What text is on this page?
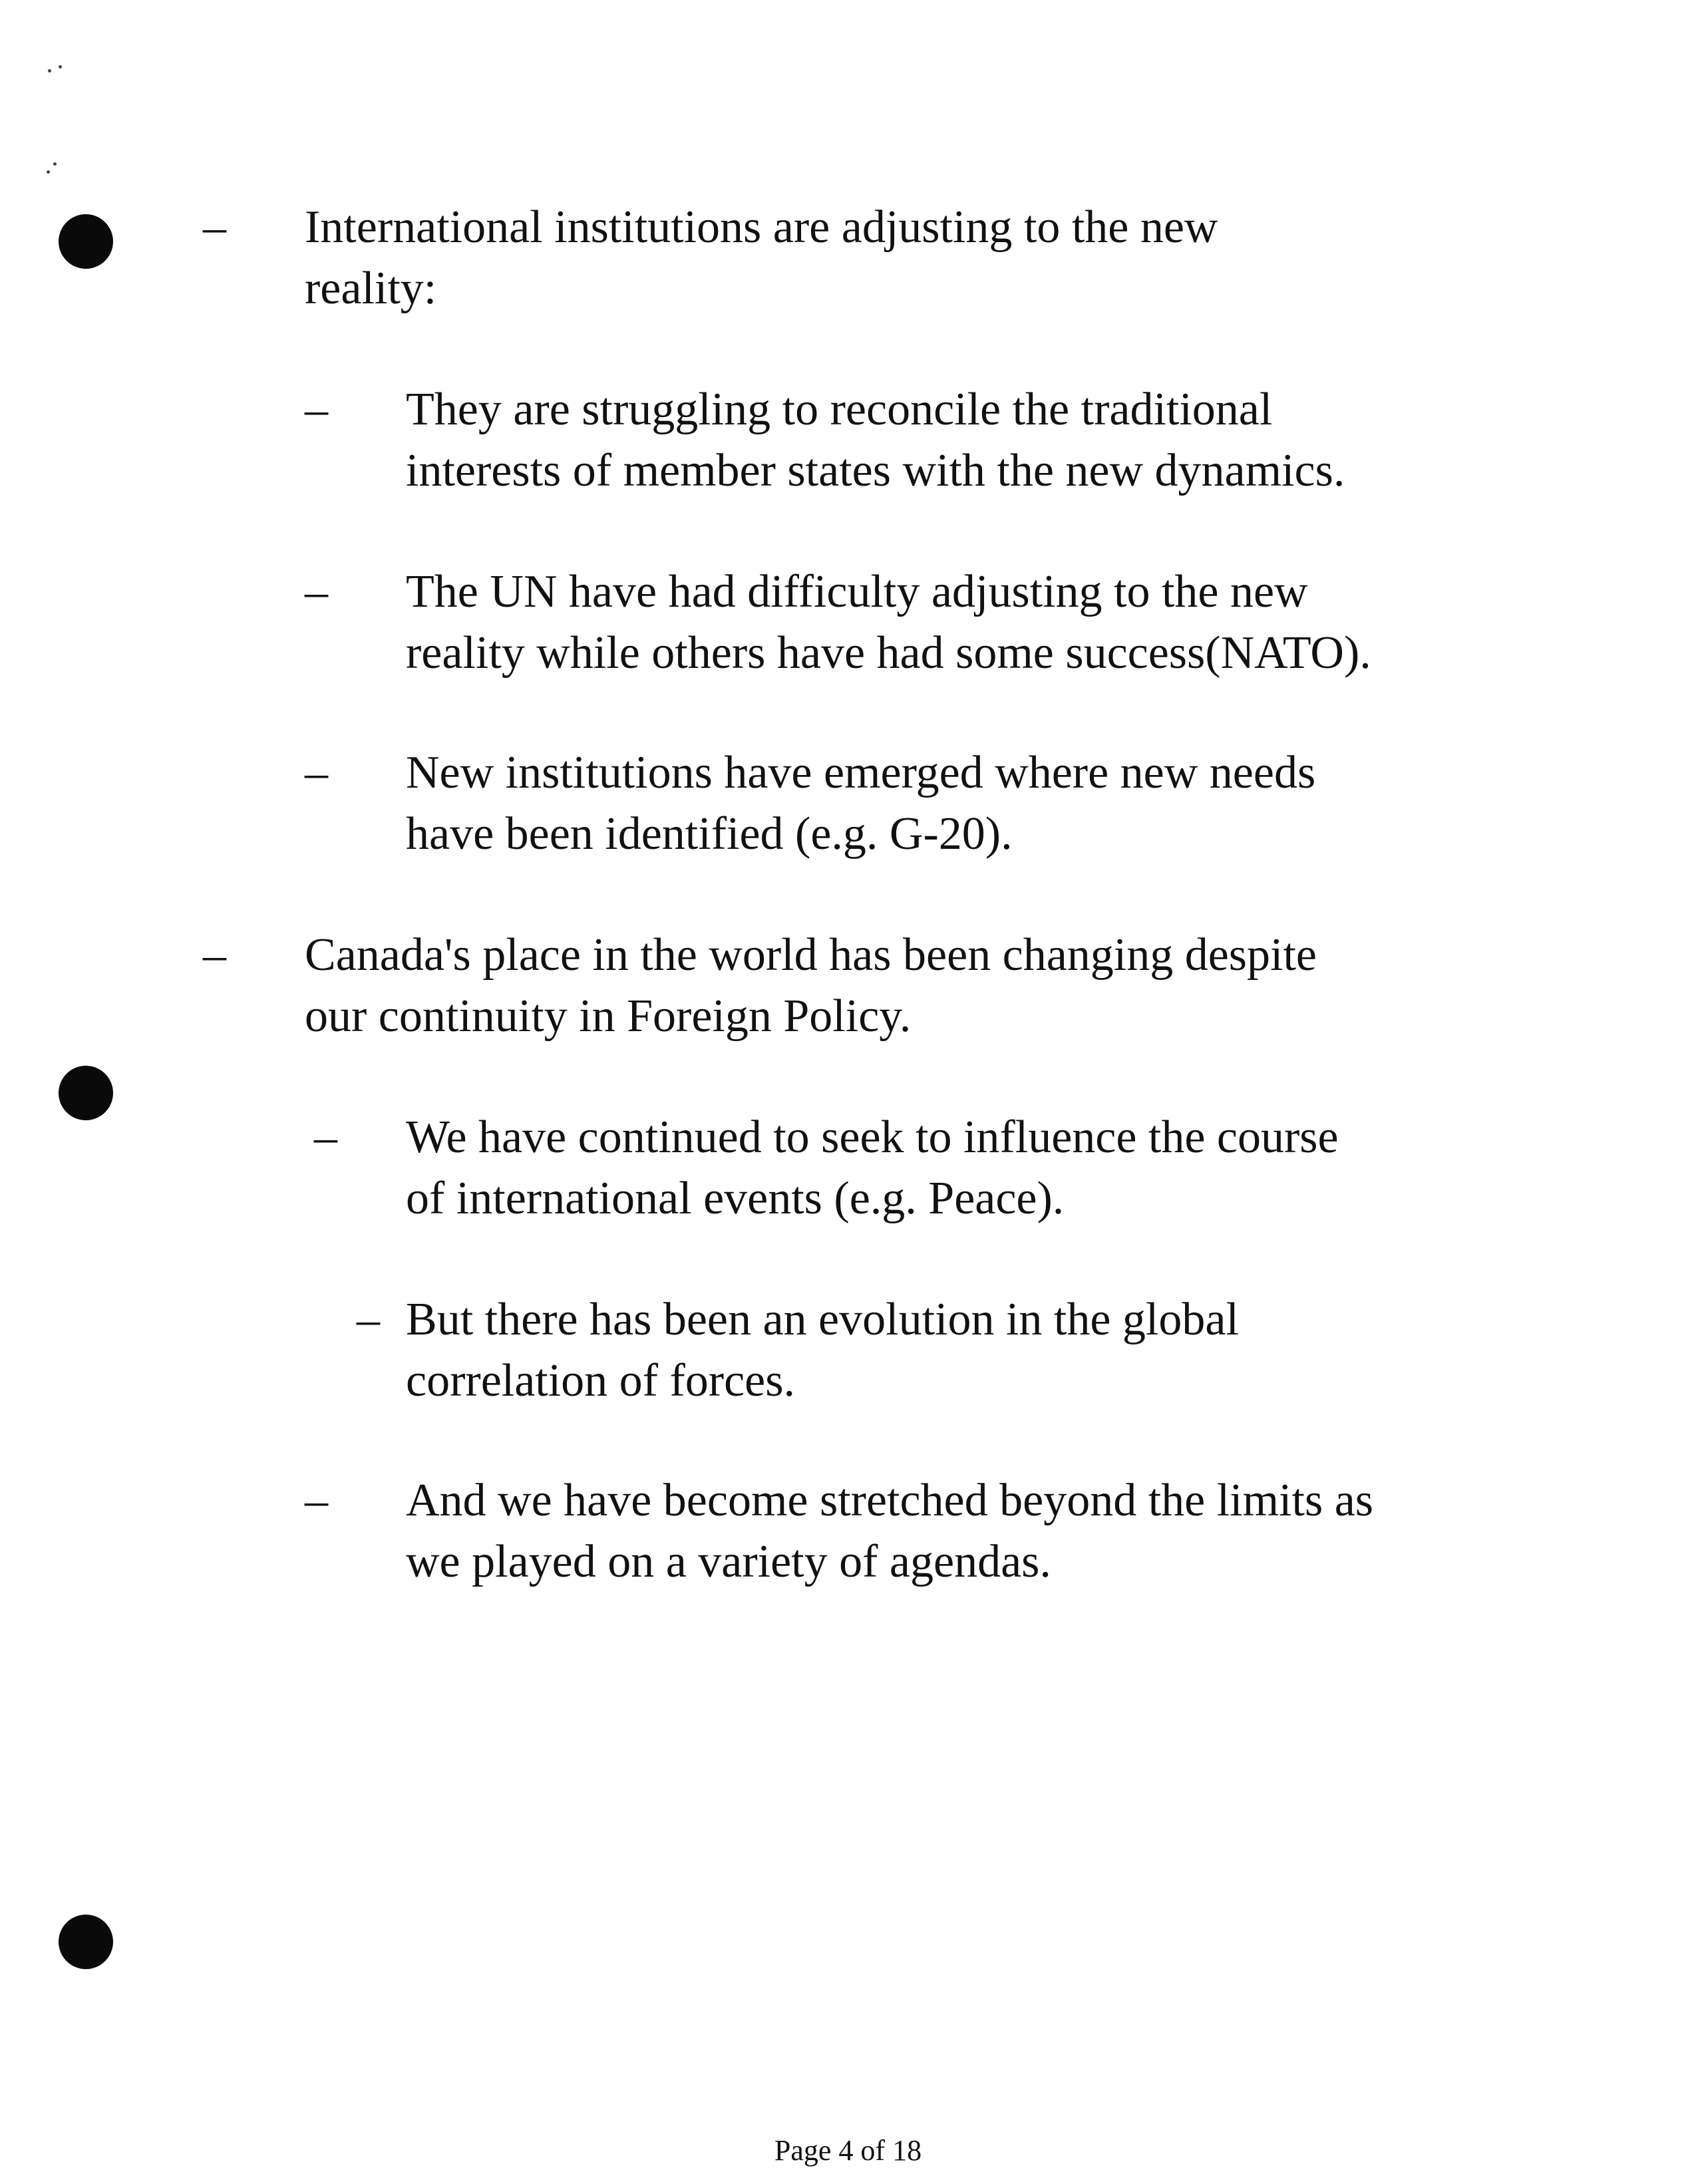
– International institutions are adjusting to the new
reality:
– They are struggling to reconcile the traditional
interests of member states with the new dynamics.
– The UN have had difficulty adjusting to the new
reality while others have had some success(NATO).
– New institutions have emerged where new needs
have been identified (e.g. G-20).
– Canada's place in the world has been changing despite
our continuity in Foreign Policy.
– We have continued to seek to influence the course
of international events (e.g. Peace).
– But there has been an evolution in the global
correlation of forces.
– And we have become stretched beyond the limits as
we played on a variety of agendas.
Page 4 of 18
